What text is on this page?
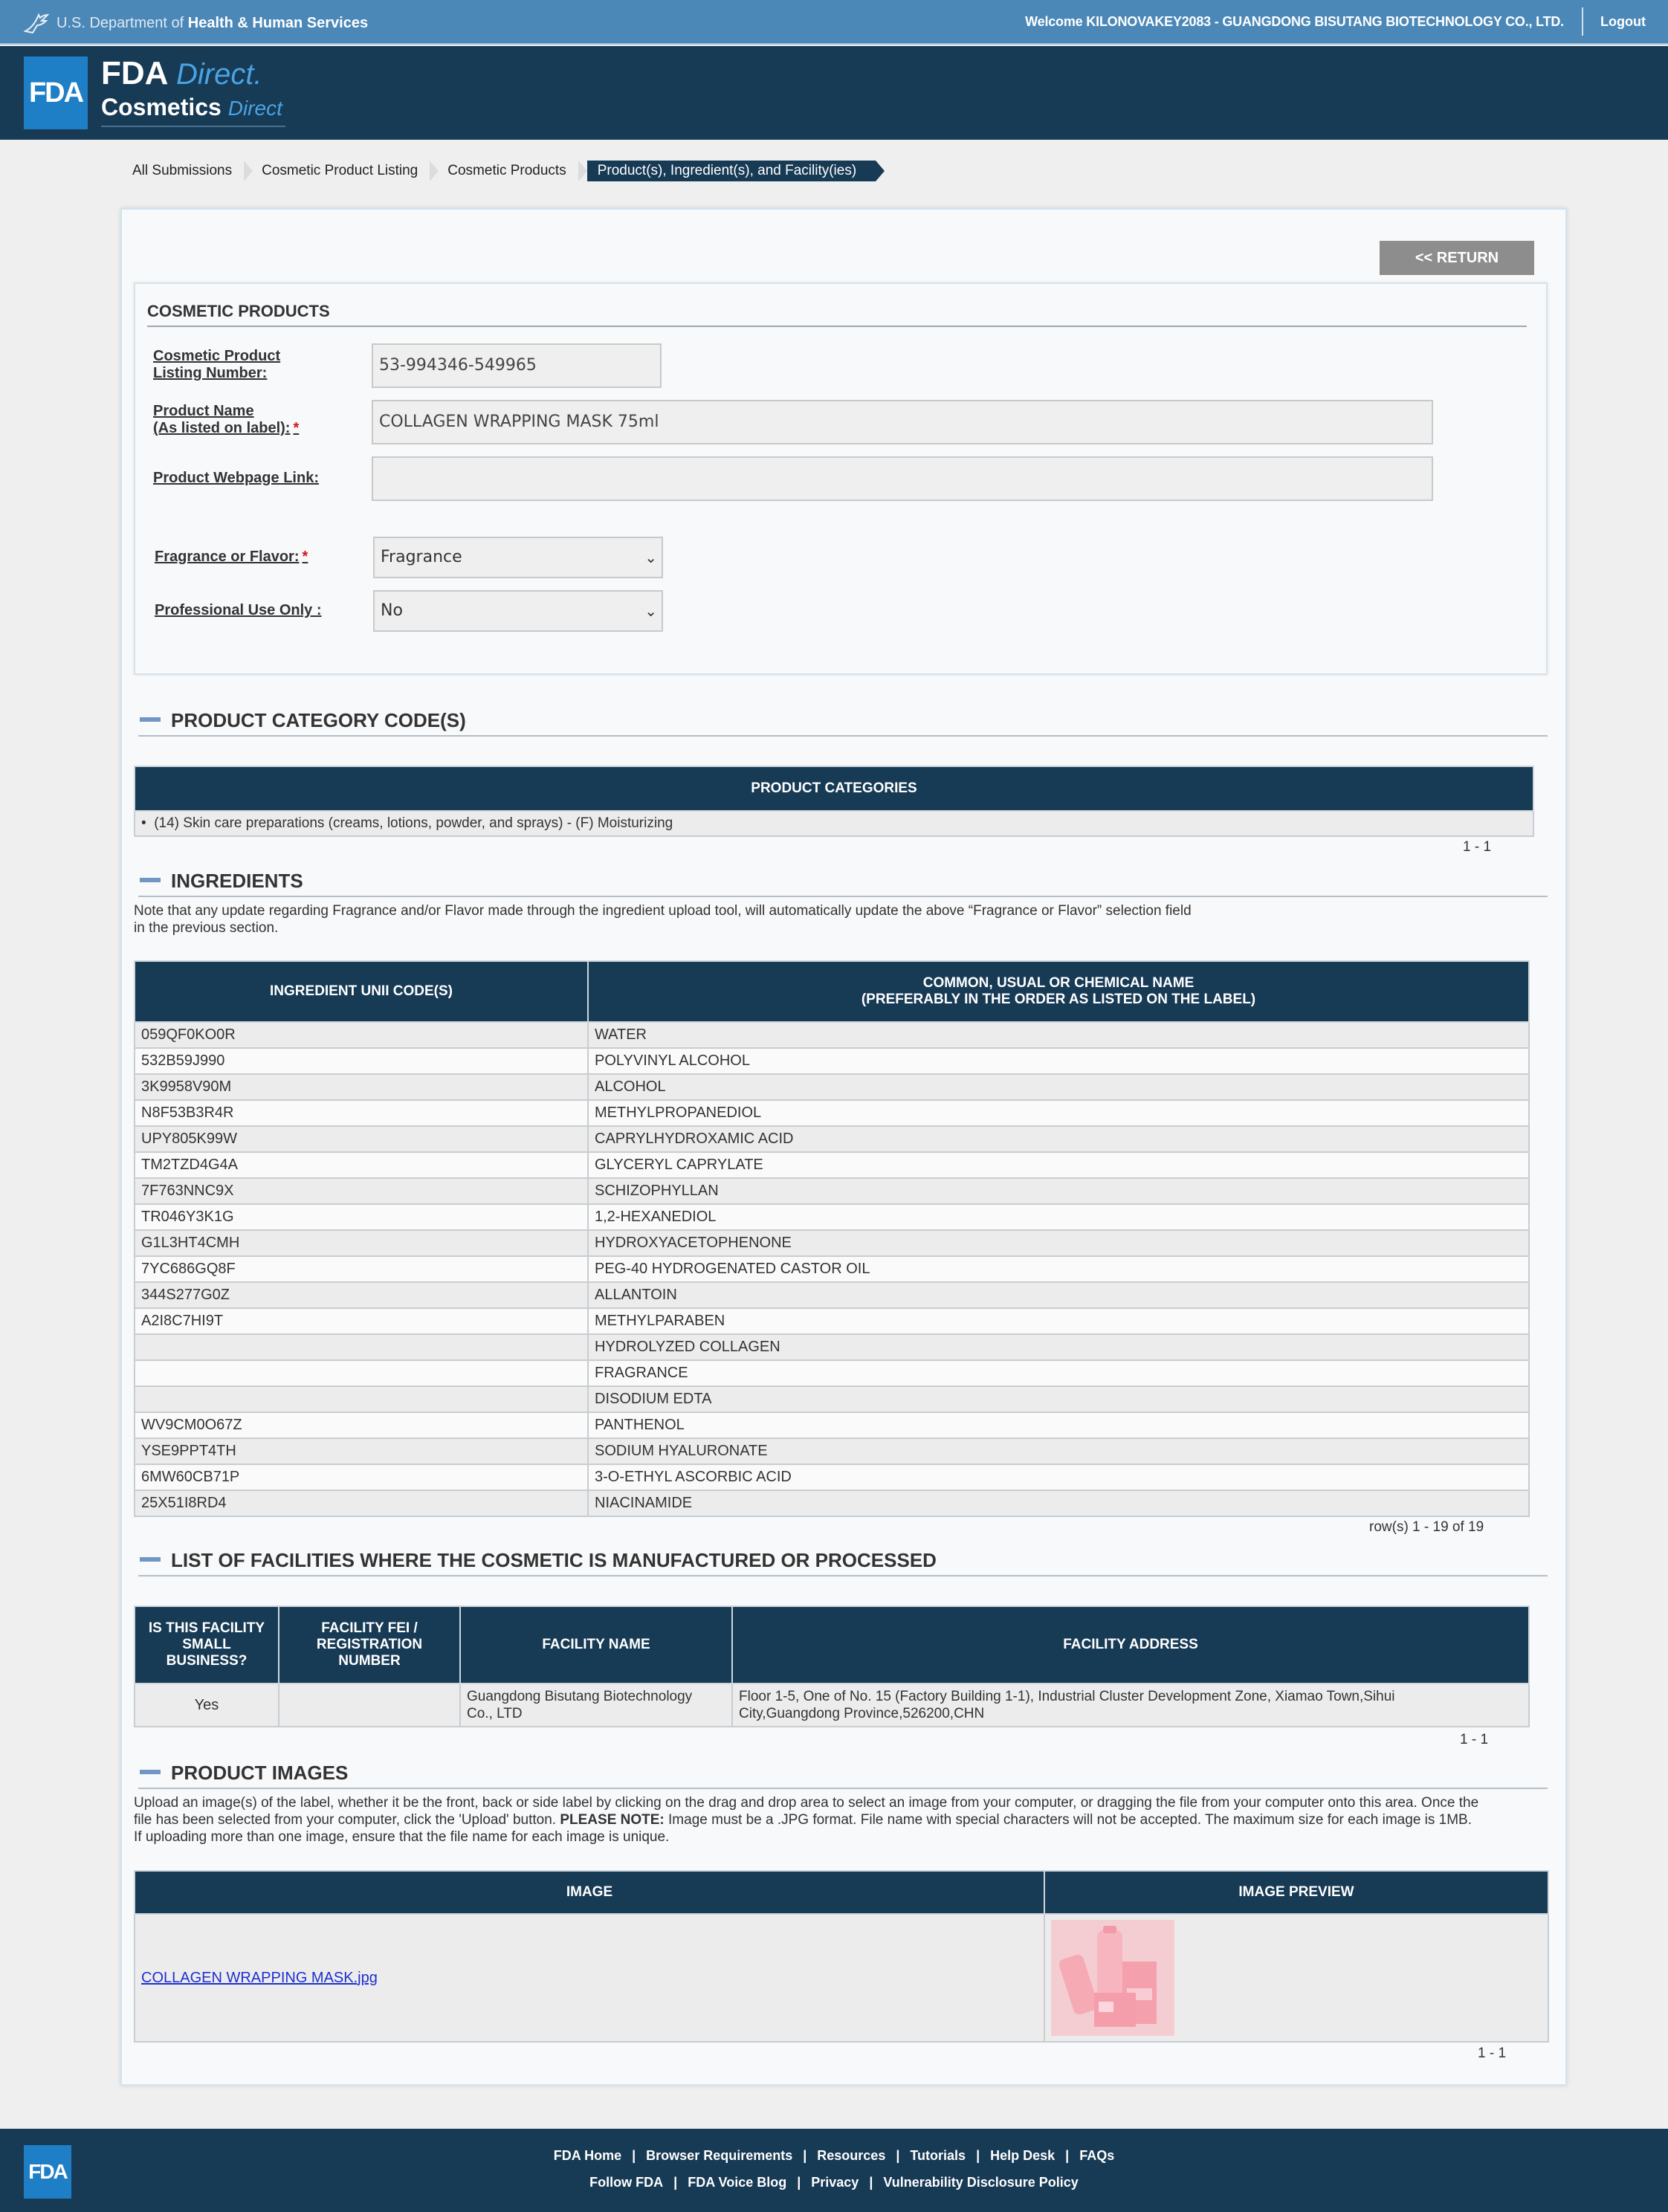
U.S. Department of Health & Human Services	Welcome KILONOVAKEY2083 - GUANGDONG BISUTANG BIOTECHNOLOGY CO., LTD.	Logout
FDA
FDA Direct.
Cosmetics Direct
All Submissions	Cosmetic Product Listing	Cosmetic Products	Product(s), Ingredient(s), and Facility(ies)
<< RETURN
COSMETIC PRODUCTS
Cosmetic Product
Listing Number:	53-994346-549965
Product Name
(As listed on label): *	COLLAGEN WRAPPING MASK 75ml
Product Webpage Link:
Fragrance or Flavor: *	Fragrance	⌄
Professional Use Only :	No	⌄
PRODUCT CATEGORY CODE(S)
PRODUCT CATEGORIES
•  (14) Skin care preparations (creams, lotions, powder, and sprays) - (F) Moisturizing
1 - 1
INGREDIENTS
Note that any update regarding Fragrance and/or Flavor made through the ingredient upload tool, will automatically update the above “Fragrance or Flavor” selection field
in the previous section.
INGREDIENT UNII CODE(S)	COMMON, USUAL OR CHEMICAL NAME
(PREFERABLY IN THE ORDER AS LISTED ON THE LABEL)
059QF0KO0R	WATER
532B59J990	POLYVINYL ALCOHOL
3K9958V90M	ALCOHOL
N8F53B3R4R	METHYLPROPANEDIOL
UPY805K99W	CAPRYLHYDROXAMIC ACID
TM2TZD4G4A	GLYCERYL CAPRYLATE
7F763NNC9X	SCHIZOPHYLLAN
TR046Y3K1G	1,2-HEXANEDIOL
G1L3HT4CMH	HYDROXYACETOPHENONE
7YC686GQ8F	PEG-40 HYDROGENATED CASTOR OIL
344S277G0Z	ALLANTOIN
A2I8C7HI9T	METHYLPARABEN
	HYDROLYZED COLLAGEN
	FRAGRANCE
	DISODIUM EDTA
WV9CM0O67Z	PANTHENOL
YSE9PPT4TH	SODIUM HYALURONATE
6MW60CB71P	3-O-ETHYL ASCORBIC ACID
25X51I8RD4	NIACINAMIDE
row(s) 1 - 19 of 19
LIST OF FACILITIES WHERE THE COSMETIC IS MANUFACTURED OR PROCESSED
IS THIS FACILITY
SMALL
BUSINESS?	FACILITY FEI /
REGISTRATION
NUMBER	FACILITY NAME	FACILITY ADDRESS
Yes		Guangdong Bisutang Biotechnology
Co., LTD	Floor 1-5, One of No. 15 (Factory Building 1-1), Industrial Cluster Development Zone, Xiamao Town,Sihui
City,Guangdong Province,526200,CHN
1 - 1
PRODUCT IMAGES
Upload an image(s) of the label, whether it be the front, back or side label by clicking on the drag and drop area to select an image from your computer, or dragging the file from your computer onto this area. Once the
file has been selected from your computer, click the 'Upload' button. PLEASE NOTE: Image must be a .JPG format. File name with special characters will not be accepted. The maximum size for each image is 1MB.
If uploading more than one image, ensure that the file name for each image is unique.
IMAGE	IMAGE PREVIEW
COLLAGEN WRAPPING MASK.jpg	
1 - 1
FDA
FDA Home | Browser Requirements | Resources | Tutorials | Help Desk | FAQs
Follow FDA | FDA Voice Blog | Privacy | Vulnerability Disclosure Policy
